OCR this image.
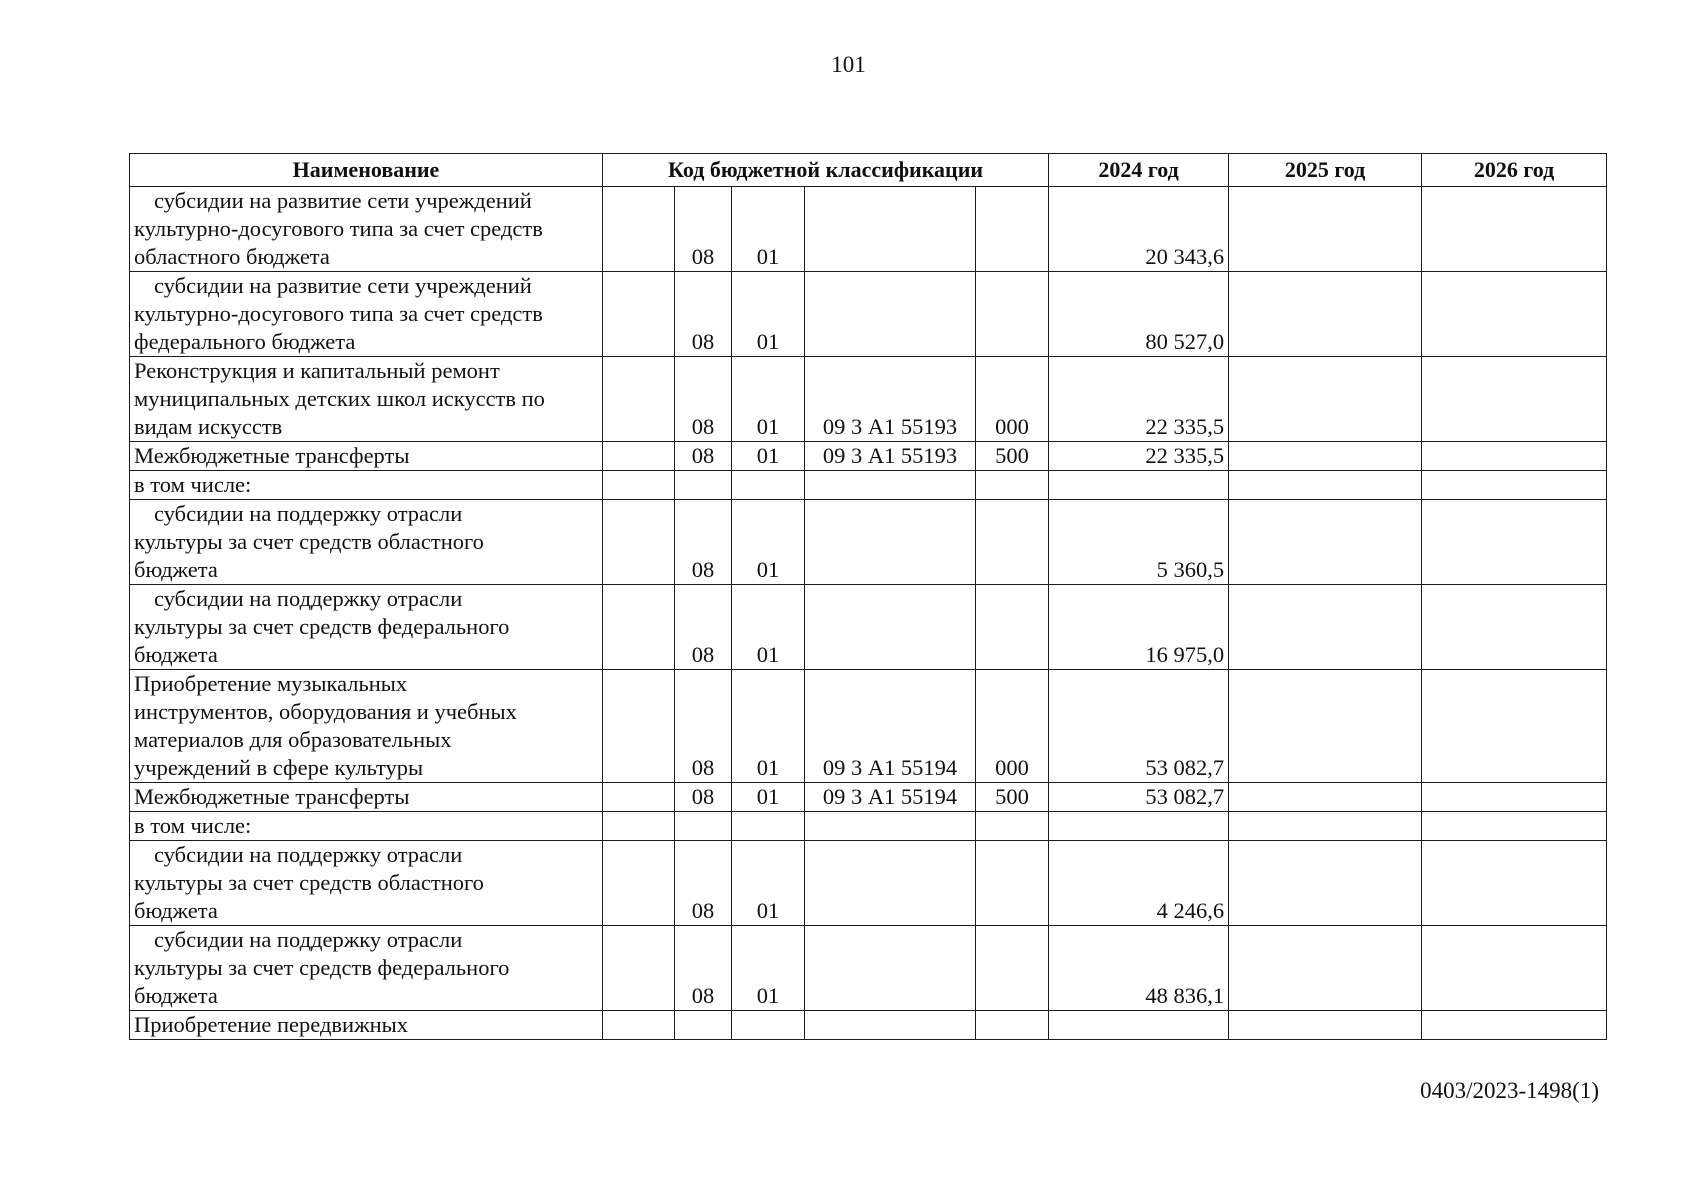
101
Наименование	Код бюджетной классификации					2024 год	2025 год	2026 год

субсидии на развитие сети учреждений
культурно-досугового типа за счет средств
областного бюджета		08	01			20 343,6		

субсидии на развитие сети учреждений
культурно-досугового типа за счет средств
федерального бюджета		08	01			80 527,0		

Реконструкция и капитальный ремонт
муниципальных детских школ искусств по
видам искусств		08	01	09 3 А1 55193	000	22 335,5		

Межбюджетные трансферты		08	01	09 3 А1 55193	500	22 335,5		

в том числе:								

субсидии на поддержку отрасли
культуры за счет средств областного
бюджета		08	01			5 360,5		

субсидии на поддержку отрасли
культуры за счет средств федерального
бюджета		08	01			16 975,0		

Приобретение музыкальных
инструментов, оборудования и учебных
материалов для образовательных
учреждений в сфере культуры		08	01	09 3 А1 55194	000	53 082,7		

Межбюджетные трансферты		08	01	09 3 А1 55194	500	53 082,7		

в том числе:								

субсидии на поддержку отрасли
культуры за счет средств областного
бюджета		08	01			4 246,6		

субсидии на поддержку отрасли
культуры за счет средств федерального
бюджета		08	01			48 836,1		

Приобретение передвижных								

0403/2023-1498(1)
